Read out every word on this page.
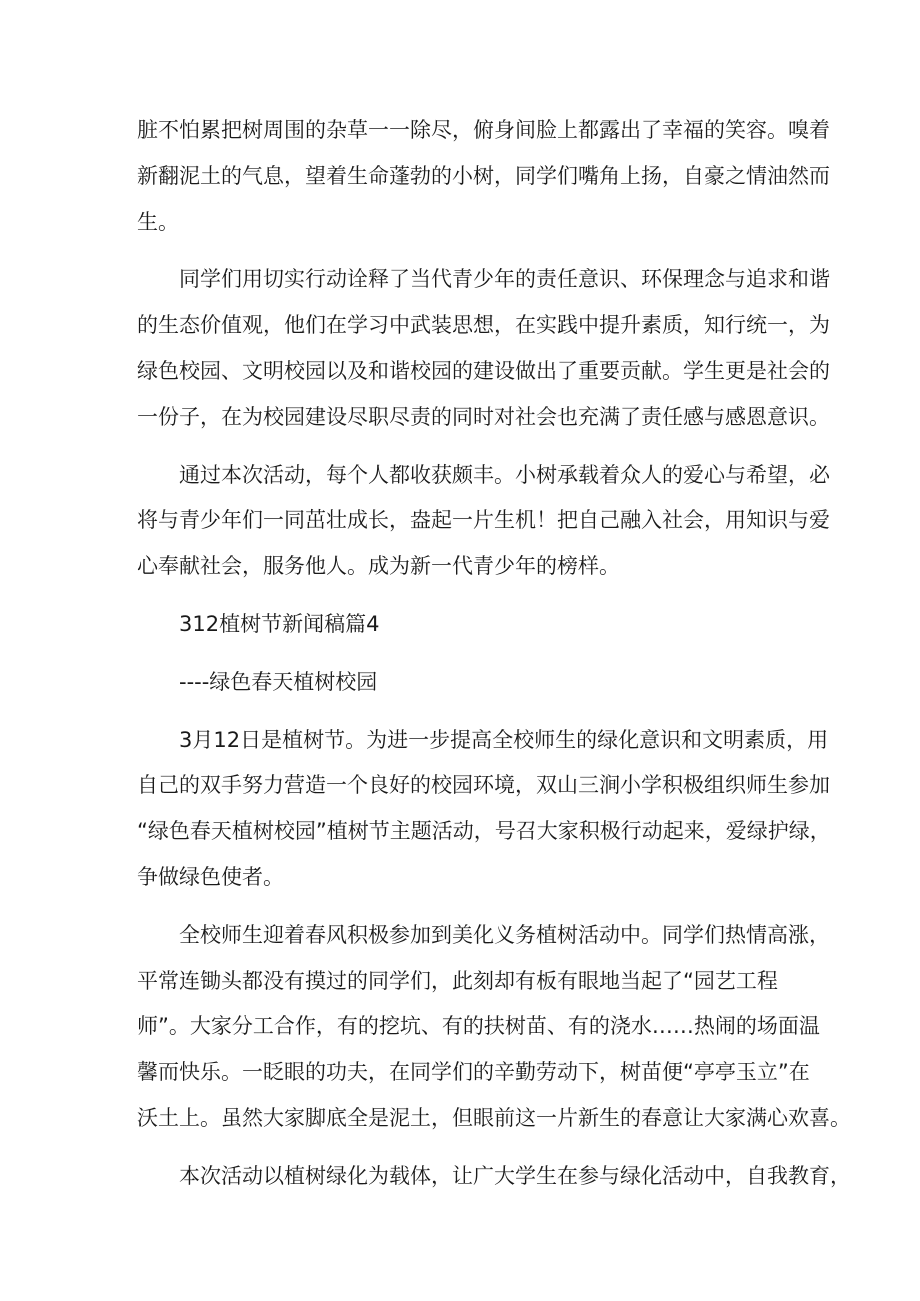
脏不怕累把树周围的杂草一一除尽，俯身间脸上都露出了幸福的笑容。嗅着
新翻泥土的气息，望着生命蓬勃的小树，同学们嘴角上扬，自豪之情油然而
生。
同学们用切实行动诠释了当代青少年的责任意识、环保理念与追求和谐
的生态价值观，他们在学习中武装思想，在实践中提升素质，知行统一，为
绿色校园、文明校园以及和谐校园的建设做出了重要贡献。学生更是社会的
一份子，在为校园建设尽职尽责的同时对社会也充满了责任感与感恩意识。
通过本次活动，每个人都收获颇丰。小树承载着众人的爱心与希望，必
将与青少年们一同茁壮成长，盎起一片生机！把自己融入社会，用知识与爱
心奉献社会，服务他人。成为新一代青少年的榜样。
312植树节新闻稿篇4
----绿色春天植树校园
3月12日是植树节。为进一步提高全校师生的绿化意识和文明素质，用
自己的双手努力营造一个良好的校园环境，双山三涧小学积极组织师生参加
“绿色春天植树校园”植树节主题活动，号召大家积极行动起来，爱绿护绿，
争做绿色使者。
全校师生迎着春风积极参加到美化义务植树活动中。同学们热情高涨，
平常连锄头都没有摸过的同学们，此刻却有板有眼地当起了“园艺工程
师”。大家分工合作，有的挖坑、有的扶树苗、有的浇水……热闹的场面温
馨而快乐。一眨眼的功夫，在同学们的辛勤劳动下，树苗便“亭亭玉立”在
沃土上。虽然大家脚底全是泥土，但眼前这一片新生的春意让大家满心欢喜。
本次活动以植树绿化为载体，让广大学生在参与绿化活动中，自我教育，
